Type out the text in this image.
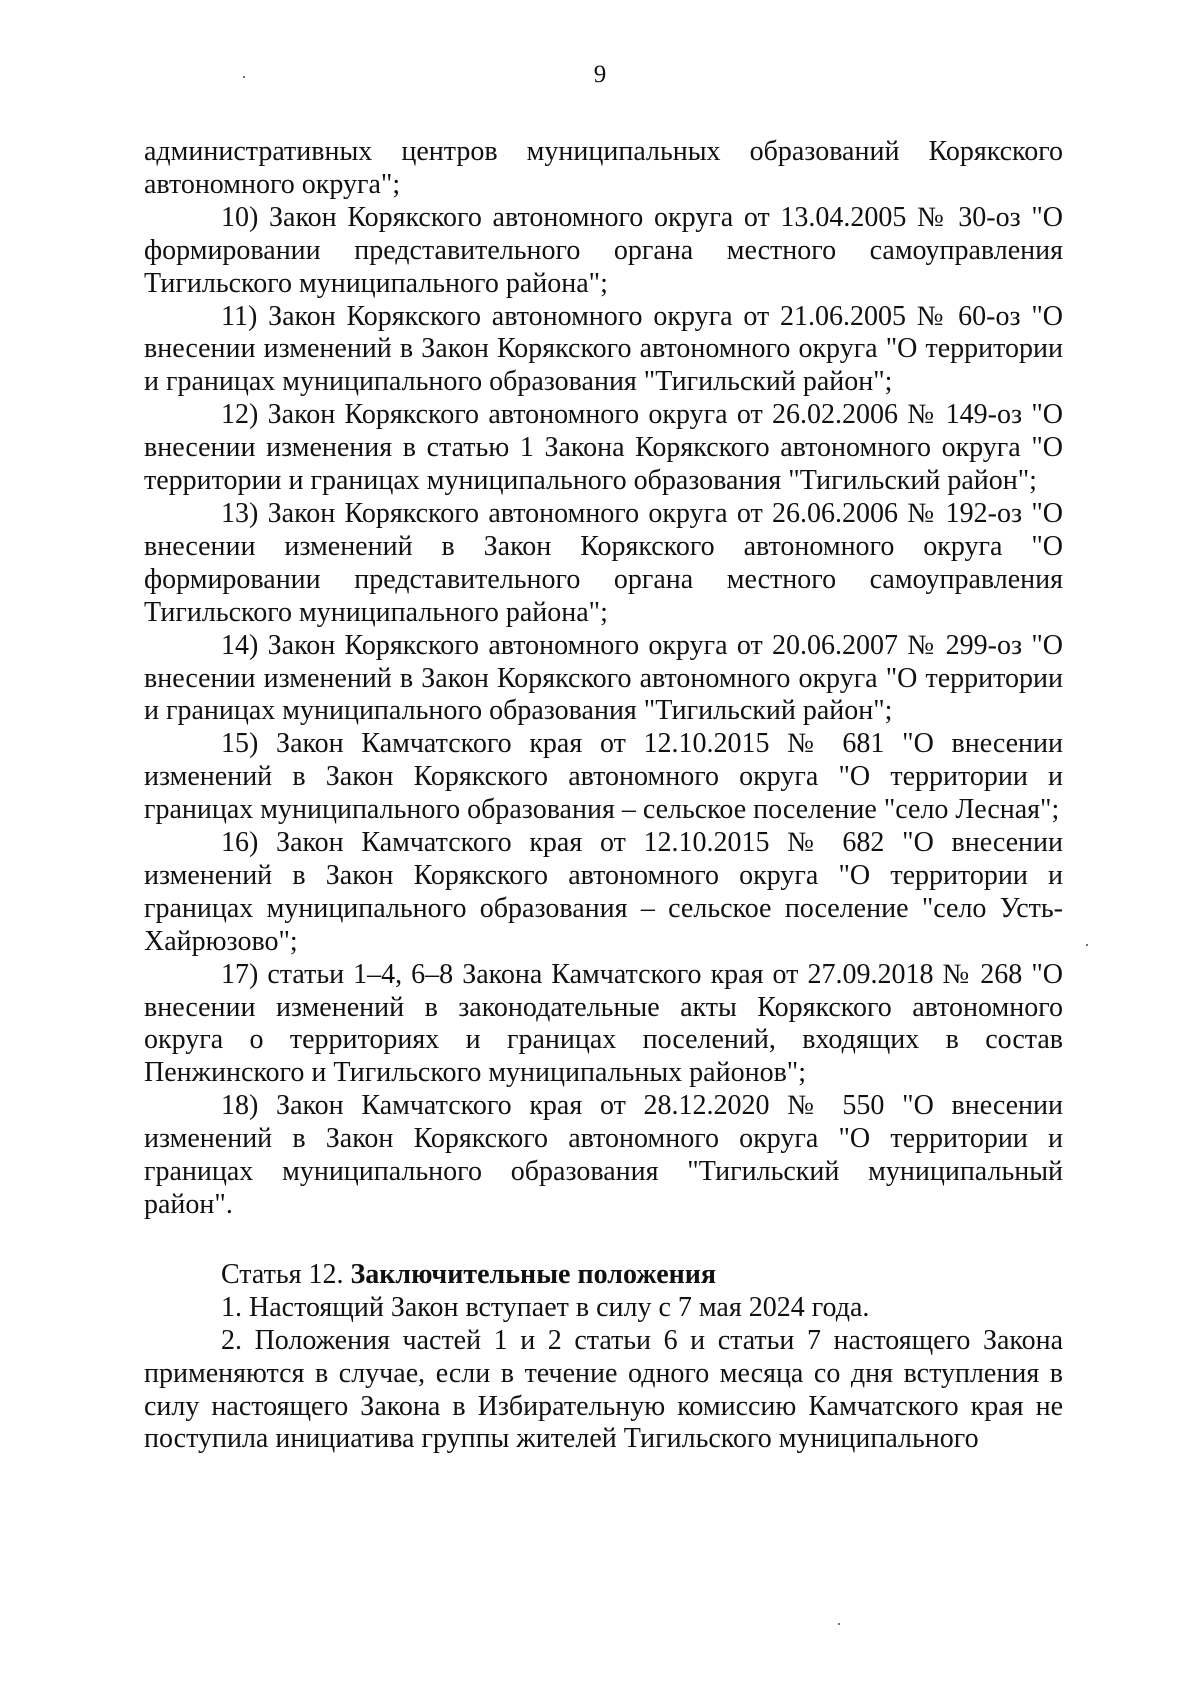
9

административных центров муниципальных образований Корякского автономного округа";

10) Закон Корякского автономного округа от 13.04.2005 № 30-оз "О формировании представительного органа местного самоуправления Тигильского муниципального района";

11) Закон Корякского автономного округа от 21.06.2005 № 60-оз "О внесении изменений в Закон Корякского автономного округа "О территории и границах муниципального образования "Тигильский район";

12) Закон Корякского автономного округа от 26.02.2006 № 149-оз "О внесении изменения в статью 1 Закона Корякского автономного округа "О территории и границах муниципального образования "Тигильский район";

13) Закон Корякского автономного округа от 26.06.2006 № 192-оз "О внесении изменений в Закон Корякского автономного округа "О формировании представительного органа местного самоуправления Тигильского муниципального района";

14) Закон Корякского автономного округа от 20.06.2007 № 299-оз "О внесении изменений в Закон Корякского автономного округа "О территории и границах муниципального образования "Тигильский район";

15) Закон Камчатского края от 12.10.2015 № 681 "О внесении изменений в Закон Корякского автономного округа "О территории и границах муниципального образования – сельское поселение "село Лесная";

16) Закон Камчатского края от 12.10.2015 № 682 "О внесении изменений в Закон Корякского автономного округа "О территории и границах муниципального образования – сельское поселение "село Усть-Хайрюзово";

17) статьи 1–4, 6–8 Закона Камчатского края от 27.09.2018 № 268 "О внесении изменений в законодательные акты Корякского автономного округа о территориях и границах поселений, входящих в состав Пенжинского и Тигильского муниципальных районов";

18) Закон Камчатского края от 28.12.2020 № 550 "О внесении изменений в Закон Корякского автономного округа "О территории и границах муниципального образования "Тигильский муниципальный район".

Статья 12. Заключительные положения

1. Настоящий Закон вступает в силу с 7 мая 2024 года.

2. Положения частей 1 и 2 статьи 6 и статьи 7 настоящего Закона применяются в случае, если в течение одного месяца со дня вступления в силу настоящего Закона в Избирательную комиссию Камчатского края не поступила инициатива группы жителей Тигильского муниципального
